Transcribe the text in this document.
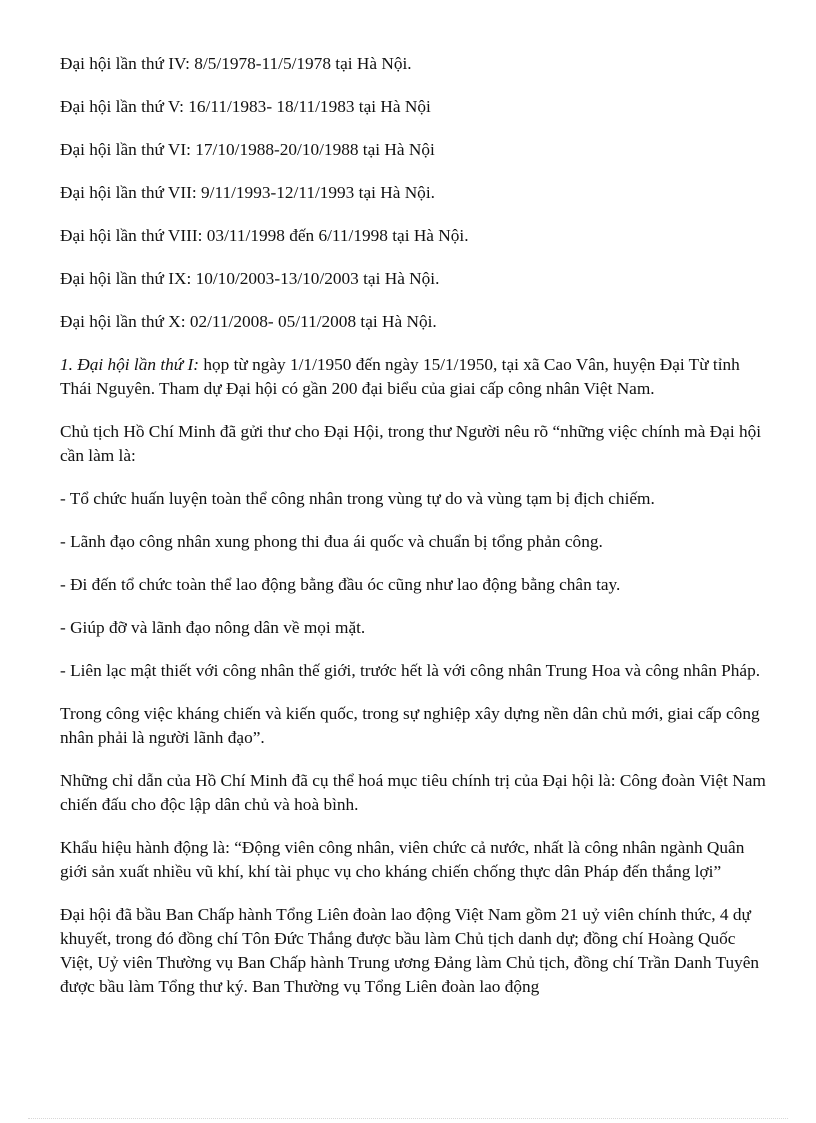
Đại hội lần thứ IV: 8/5/1978-11/5/1978 tại Hà Nội.

Đại hội lần thứ V: 16/11/1983- 18/11/1983 tại Hà Nội

Đại hội lần thứ VI: 17/10/1988-20/10/1988 tại Hà Nội

Đại hội lần thứ VII: 9/11/1993-12/11/1993 tại Hà Nội.

Đại hội lần thứ VIII: 03/11/1998 đến 6/11/1998 tại Hà Nội.

Đại hội lần thứ IX: 10/10/2003-13/10/2003 tại Hà Nội.

Đại hội lần thứ X: 02/11/2008- 05/11/2008 tại Hà Nội.

1. Đại hội lần thứ I: họp từ ngày 1/1/1950 đến ngày 15/1/1950, tại xã Cao Vân, huyện Đại Từ tỉnh Thái Nguyên. Tham dự Đại hội có gần 200 đại biểu của giai cấp công nhân Việt Nam.

Chủ tịch Hồ Chí Minh đã gửi thư cho Đại Hội, trong thư Người nêu rõ “những việc chính mà Đại hội cần làm là:

- Tổ chức huấn luyện toàn thể công nhân trong vùng tự do và vùng tạm bị địch chiếm.

- Lãnh đạo công nhân xung phong thi đua ái quốc và chuẩn bị tổng phản công.

- Đi đến tổ chức toàn thể lao động bằng đầu óc cũng như lao động bằng chân tay.

- Giúp đỡ và lãnh đạo nông dân về mọi mặt.

- Liên lạc mật thiết với công nhân thế giới, trước hết là với công nhân Trung Hoa và công nhân Pháp.

Trong công việc kháng chiến và kiến quốc, trong sự nghiệp xây dựng nền dân chủ mới, giai cấp công nhân phải là người lãnh đạo”.

Những chỉ dẫn của Hồ Chí Minh đã cụ thể hoá mục tiêu chính trị của Đại hội là: Công đoàn Việt Nam chiến đấu cho độc lập dân chủ và hoà bình.

Khẩu hiệu hành động là: “Động viên công nhân, viên chức cả nước, nhất là công nhân ngành Quân giới sản xuất nhiều vũ khí, khí tài phục vụ cho kháng chiến chống thực dân Pháp đến thắng lợi”

Đại hội đã bầu Ban Chấp hành Tổng Liên đoàn lao động Việt Nam gồm 21 uỷ viên chính thức, 4 dự khuyết, trong đó đồng chí Tôn Đức Thắng được bầu làm Chủ tịch danh dự; đồng chí Hoàng Quốc Việt, Uỷ viên Thường vụ Ban Chấp hành Trung ương Đảng làm Chủ tịch, đồng chí Trần Danh Tuyên được bầu làm Tổng thư ký. Ban Thường vụ Tổng Liên đoàn lao động
